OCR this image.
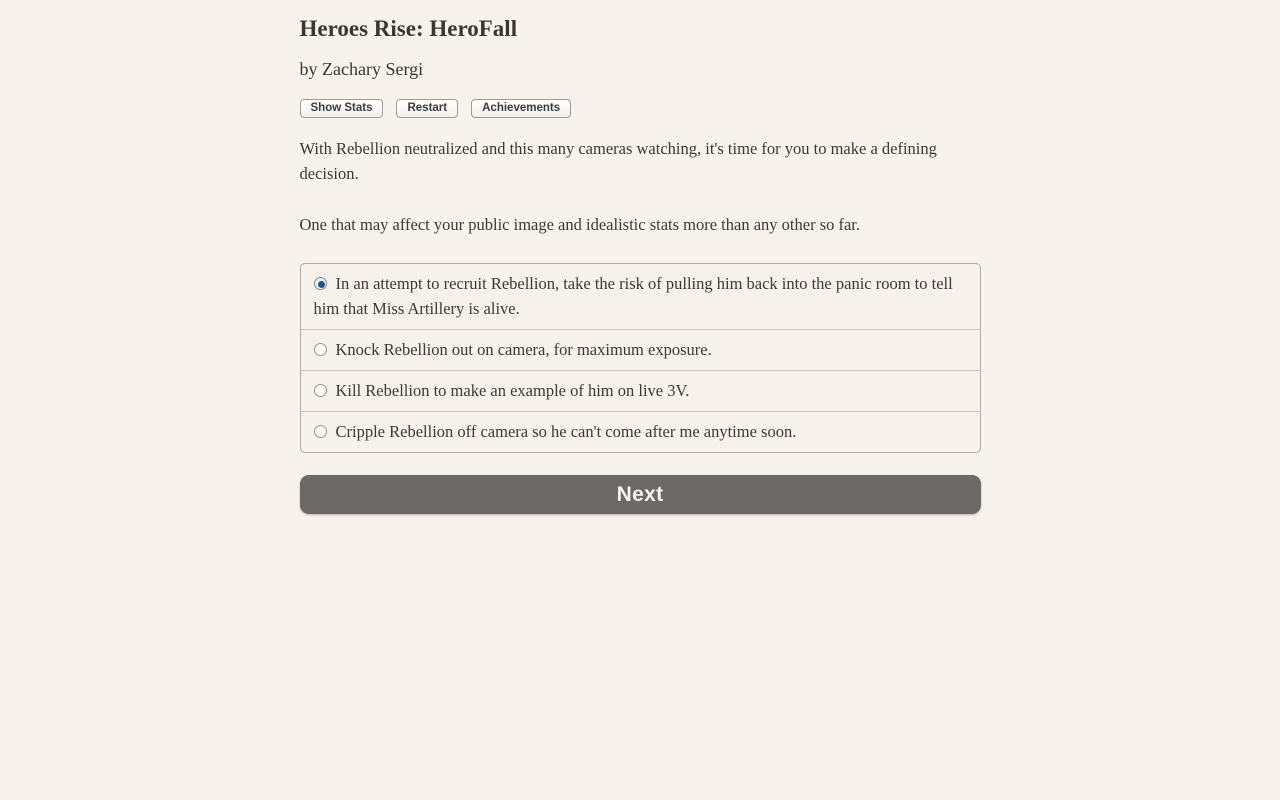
Heroes Rise: HeroFall
by Zachary Sergi
Show Stats	Restart	Achievements

With Rebellion neutralized and this many cameras watching, it's time for you to make a defining decision.

One that may affect your public image and idealistic stats more than any other so far.

In an attempt to recruit Rebellion, take the risk of pulling him back into the panic room to tell him that Miss Artillery is alive.
Knock Rebellion out on camera, for maximum exposure.
Kill Rebellion to make an example of him on live 3V.
Cripple Rebellion off camera so he can't come after me anytime soon.
Next
